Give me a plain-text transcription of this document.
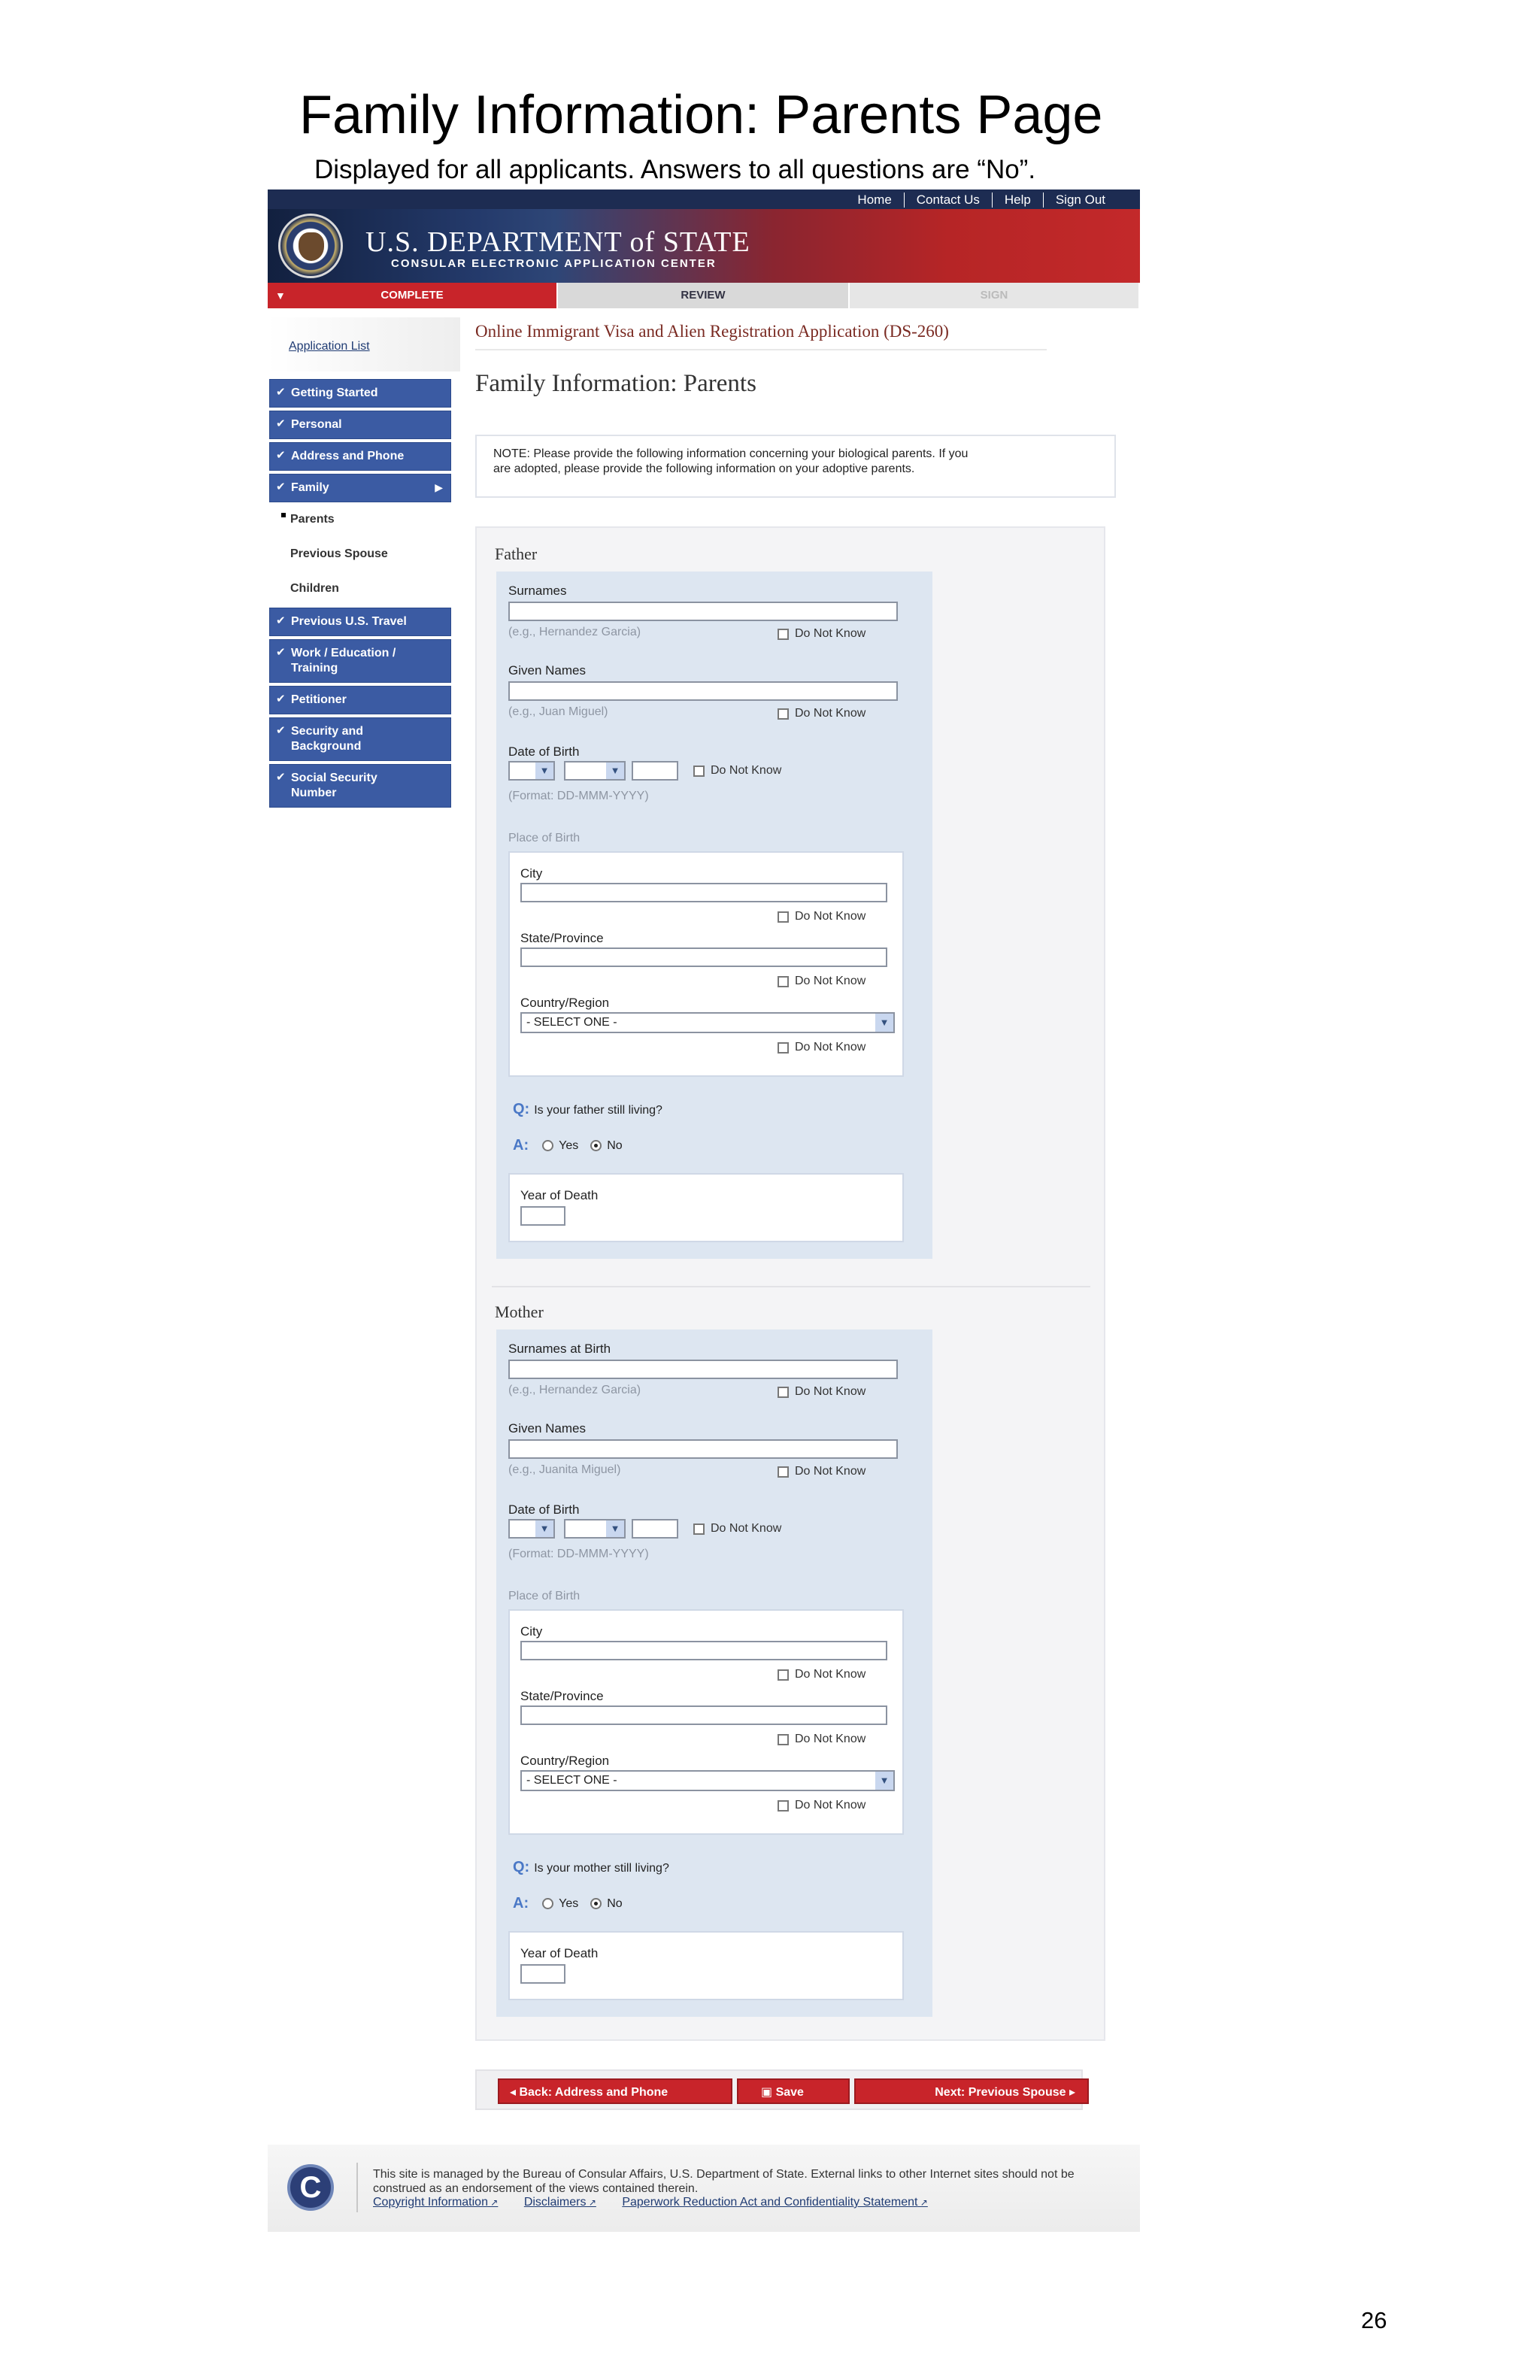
Family Information: Parents Page
Displayed for all applicants. Answers to all questions are “No”.
Home	Contact Us	Help	Sign Out
U.S. DEPARTMENT of STATE
CONSULAR ELECTRONIC APPLICATION CENTER
▼	COMPLETE	REVIEW	SIGN
Application List
✔ Getting Started
✔ Personal
✔ Address and Phone
✔ Family	▶
Parents
Previous Spouse
Children
✔ Previous U.S. Travel
✔ Work / Education /
Training
✔ Petitioner
✔ Security and
Background
✔ Social Security
Number
Online Immigrant Visa and Alien Registration Application (DS-260)
Family Information: Parents
NOTE: Please provide the following information concerning your biological parents. If you
are adopted, please provide the following information on your adoptive parents.
Father
Surnames
(e.g., Hernandez Garcia)	Do Not Know
Given Names
(e.g., Juan Miguel)	Do Not Know
Date of Birth
▼	▼	Do Not Know
(Format: DD-MMM-YYYY)
Place of Birth
City
Do Not Know
State/Province
Do Not Know
Country/Region
- SELECT ONE -	▼
Do Not Know
Q: Is your father still living?
A:	Yes No
Year of Death
Mother
Surnames at Birth
(e.g., Hernandez Garcia)	Do Not Know
Given Names
(e.g., Juanita Miguel)	Do Not Know
Date of Birth
▼	▼	Do Not Know
(Format: DD-MMM-YYYY)
Place of Birth
City
Do Not Know
State/Province
Do Not Know
Country/Region
- SELECT ONE -	▼
Do Not Know
Q: Is your mother still living?
A:	Yes No
Year of Death
◂ Back: Address and Phone	▣ Save	Next: Previous Spouse ▸
C	This site is managed by the Bureau of Consular Affairs, U.S. Department of State. External links to other Internet sites should not be construed as an endorsement of the views contained therein.
Copyright Information ↗	Disclaimers ↗	Paperwork Reduction Act and Confidentiality Statement ↗
26
